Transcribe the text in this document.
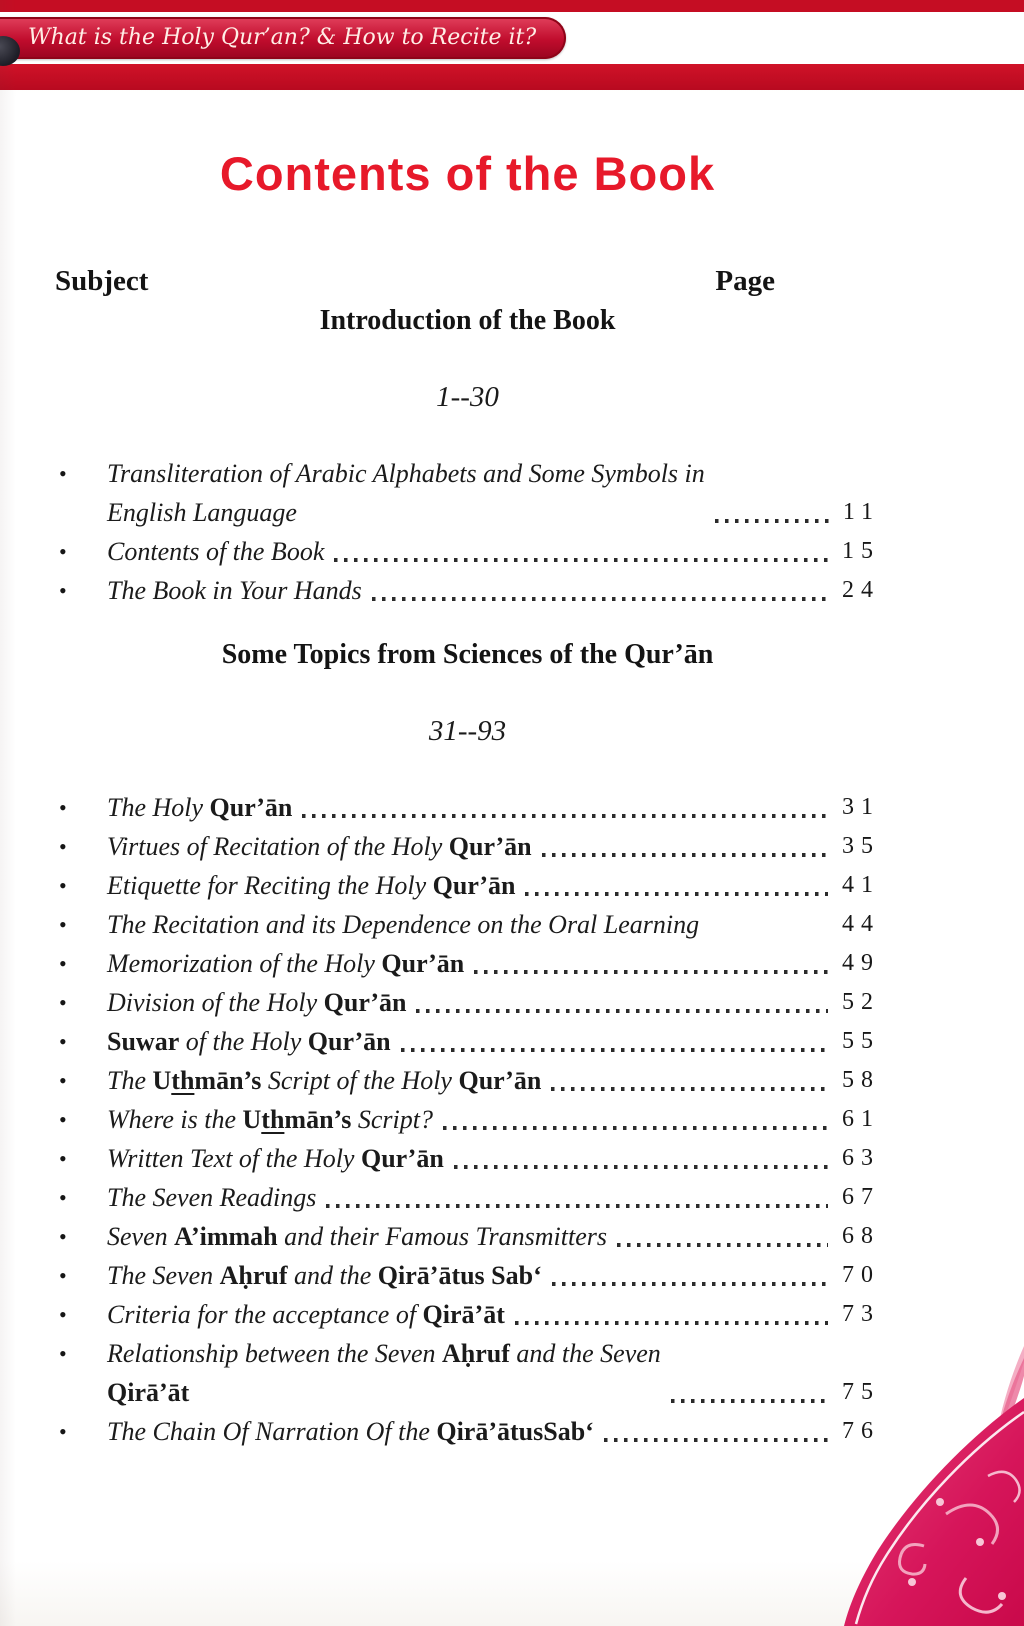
What is the Holy Qur’an? & How to Recite it?
Contents of the Book
Subject	Page
Introduction of the Book
1--30
•	Transliteration of Arabic Alphabets and Some Symbols in
English Language	11
•	Contents of the Book	15
•	The Book in Your Hands	24
Some Topics from Sciences of the Qur’ān
31--93
•	The Holy Qur’ān	31
•	Virtues of Recitation of the Holy Qur’ān	35
•	Etiquette for Reciting the Holy Qur’ān	41
•	The Recitation and its Dependence on the Oral Learning	44
•	Memorization of the Holy Qur’ān	49
•	Division of the Holy Qur’ān	52
•	Suwar of the Holy Qur’ān	55
•	The Uthmān’s Script of the Holy Qur’ān	58
•	Where is the Uthmān’s Script?	61
•	Written Text of the Holy Qur’ān	63
•	The Seven Readings	67
•	Seven A’immah and their Famous Transmitters	68
•	The Seven Aḥruf and the Qirā’ātus Sab‘	70
•	Criteria for the acceptance of Qirā’āt	73
•	Relationship between the Seven Aḥruf and the Seven
Qirā’āt	75
•	The Chain Of Narration Of the Qirā’ātusSab‘	76
